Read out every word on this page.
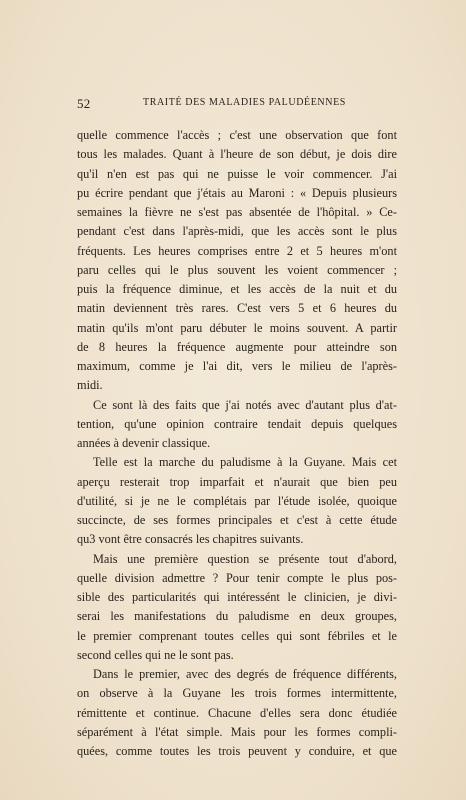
52	TRAITÉ DES MALADIES PALUDÉENNES
quelle commence l'accès ; c'est une observation que font
tous les malades. Quant à l'heure de son début, je dois dire
qu'il n'en est pas qui ne puisse le voir commencer. J'ai
pu écrire pendant que j'étais au Maroni : « Depuis plusieurs
semaines la fièvre ne s'est pas absentée de l'hôpital. » Ce-
pendant c'est dans l'après-midi, que les accès sont le plus
fréquents. Les heures comprises entre 2 et 5 heures m'ont
paru celles qui le plus souvent les voient commencer ;
puis la fréquence diminue, et les accès de la nuit et du
matin deviennent très rares. C'est vers 5 et 6 heures du
matin qu'ils m'ont paru débuter le moins souvent. A partir
de 8 heures la fréquence augmente pour atteindre son
maximum, comme je l'ai dit, vers le milieu de l'après-
midi.
Ce sont là des faits que j'ai notés avec d'autant plus d'at-
tention, qu'une opinion contraire tendait depuis quelques
années à devenir classique.
Telle est la marche du paludisme à la Guyane. Mais cet
aperçu resterait trop imparfait et n'aurait que bien peu
d'utilité, si je ne le complétais par l'étude isolée, quoique
succincte, de ses formes principales et c'est à cette étude
qu3 vont être consacrés les chapitres suivants.
Mais une première question se présente tout d'abord,
quelle division admettre ? Pour tenir compte le plus pos-
sible des particularités qui intéressént le clinicien, je divi-
serai les manifestations du paludisme en deux groupes,
le premier comprenant toutes celles qui sont fébriles et le
second celles qui ne le sont pas.
Dans le premier, avec des degrés de fréquence différents,
on observe à la Guyane les trois formes intermittente,
rémittente et continue. Chacune d'elles sera donc étudiée
séparément à l'état simple. Mais pour les formes compli-
quées, comme toutes les trois peuvent y conduire, et que
